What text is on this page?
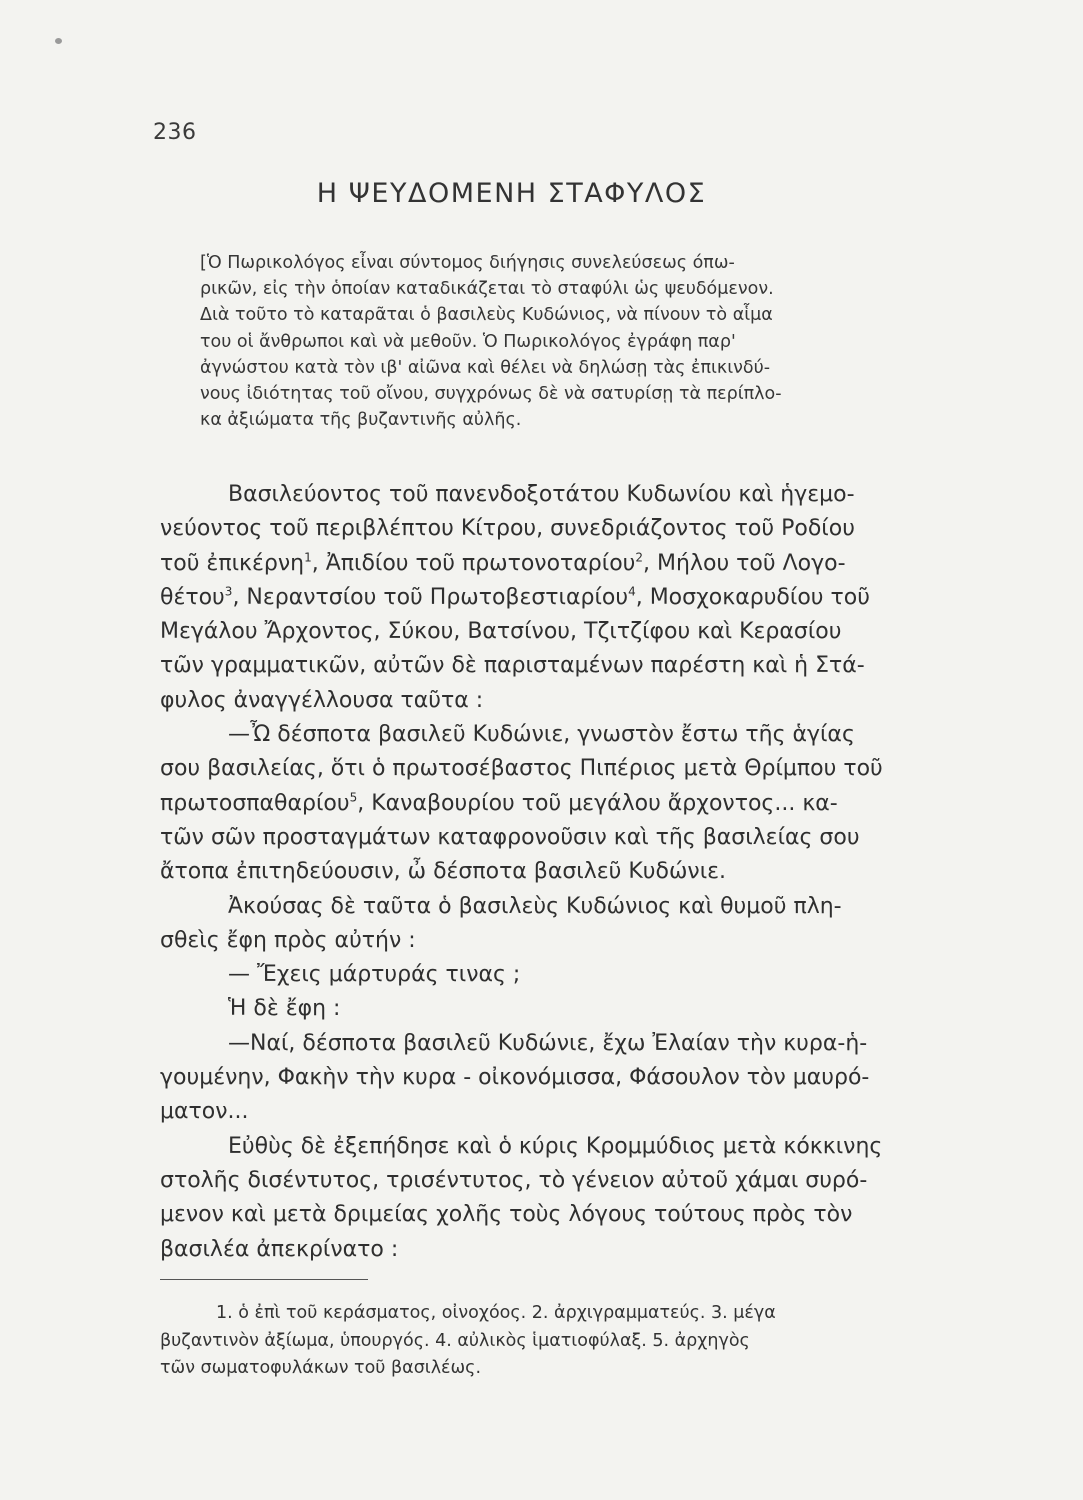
236
Η ΨΕΥΔΟΜΕΝΗ ΣΤΑΦΥΛΟΣ
[Ὁ Πωρικολόγος εἶναι σύντομος διήγησις συνελεύσεως όπω-
ρικῶν, εἰς τὴν ὁποίαν καταδικάζεται τὸ σταφύλι ὡς ψευδόμενον.
Διὰ τοῦτο τὸ καταρᾶται ὁ βασιλεὺς Κυδώνιος, νὰ πίνουν τὸ αἷμα
του οἱ ἄνθρωποι καὶ νὰ μεθοῦν. Ὁ Πωρικολόγος ἐγράφη παρ'
ἀγνώστου κατὰ τὸν ιβ' αἰῶνα καὶ θέλει νὰ δηλώσῃ τὰς ἐπικινδύ-
νους ἰδιότητας τοῦ οἴνου, συγχρόνως δὲ νὰ σατυρίσῃ τὰ περίπλο-
κα ἀξιώματα τῆς βυζαντινῆς αὐλῆς.
Βασιλεύοντος τοῦ πανενδοξοτάτου Κυδωνίου καὶ ἡγεμο-
νεύοντος τοῦ περιβλέπτου Κίτρου, συνεδριάζοντος τοῦ Ροδίου
τοῦ ἐπικέρνη$^1$, Ἀπιδίου τοῦ πρωτονοταρίου$^2$, Μήλου τοῦ Λογο-
θέτου$^3$, Νεραντσίου τοῦ Πρωτοβεστιαρίου$^4$, Μοσχοκαρυδίου τοῦ
Μεγάλου Ἄρχοντος, Σύκου, Βατσίνου, Τζιτζίφου καὶ Κερασίου
τῶν γραμματικῶν, αὐτῶν δὲ παρισταμένων παρέστη καὶ ἡ Στά-
φυλος ἀναγγέλλουσα ταῦτα :
—Ὦ δέσποτα βασιλεῦ Κυδώνιε, γνωστὸν ἔστω τῆς ἁγίας
σου βασιλείας, ὅτι ὁ πρωτοσέβαστος Πιπέριος μετὰ Θρίμπου τοῦ
πρωτοσπαθαρίου$^5$, Καναβουρίου τοῦ μεγάλου ἄρχοντος... κα-
τῶν σῶν προσταγμάτων καταφρονοῦσιν καὶ τῆς βασιλείας σου
ἄτοπα ἐπιτηδεύουσιν, ὦ δέσποτα βασιλεῦ Κυδώνιε.
Ἀκούσας δὲ ταῦτα ὁ βασιλεὺς Κυδώνιος καὶ θυμοῦ πλη-
σθεὶς ἔφη πρὸς αὐτήν :
— Ἔχεις μάρτυράς τινας ;
Ἡ δὲ ἔφη :
—Ναί, δέσποτα βασιλεῦ Κυδώνιε, ἔχω Ἐλαίαν τὴν κυρα-ἡ-
γουμένην, Φακὴν τὴν κυρα - οἰκονόμισσα, Φάσουλον τὸν μαυρό-
ματον...
Εὐθὺς δὲ ἐξεπήδησε καὶ ὁ κύρις Κρομμύδιος μετὰ κόκκινης
στολῆς δισέντυτος, τρισέντυτος, τὸ γένειον αὐτοῦ χάμαι συρό-
μενον καὶ μετὰ δριμείας χολῆς τοὺς λόγους τούτους πρὸς τὸν
βασιλέα ἀπεκρίνατο :
1. ὁ ἐπὶ τοῦ κεράσματος, οἰνοχόος. 2. ἀρχιγραμματεύς. 3. μέγα
βυζαντινὸν ἀξίωμα, ὑπουργός. 4. αὐλικὸς ἱματιοφύλαξ. 5. ἀρχηγὸς
τῶν σωματοφυλάκων τοῦ βασιλέως.
